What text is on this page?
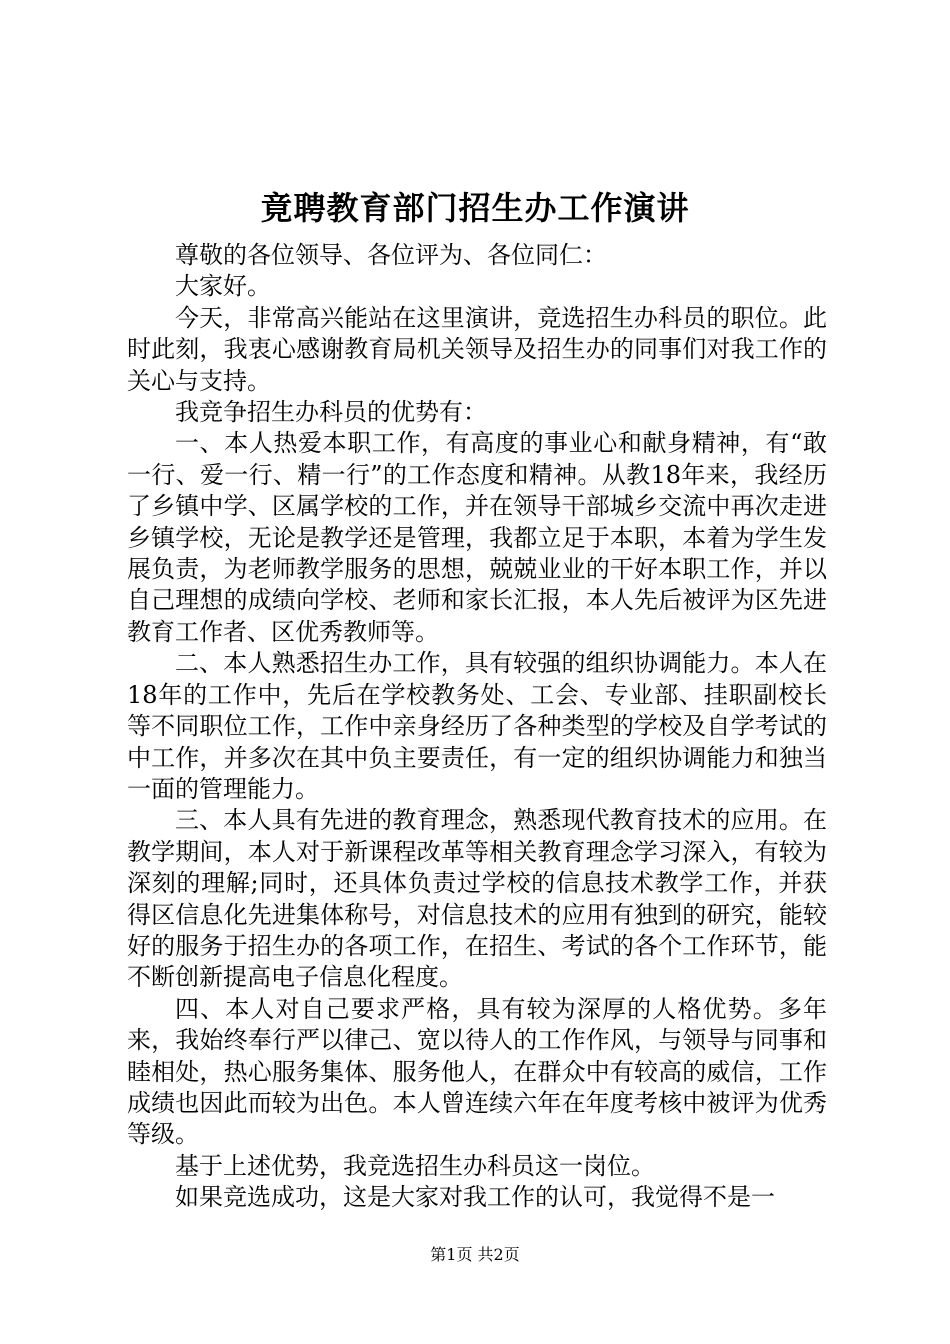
竟聘教育部门招生办工作演讲

尊敬的各位领导、各位评为、各位同仁：

大家好。

今天，非常高兴能站在这里演讲，竞选招生办科员的职位。此时此刻，我衷心感谢教育局机关领导及招生办的同事们对我工作的关心与支持。

我竞争招生办科员的优势有：

一、本人热爱本职工作，有高度的事业心和献身精神，有“敢一行、爱一行、精一行”的工作态度和精神。从教18年来，我经历了乡镇中学、区属学校的工作，并在领导干部城乡交流中再次走进乡镇学校，无论是教学还是管理，我都立足于本职，本着为学生发展负责，为老师教学服务的思想，兢兢业业的干好本职工作，并以自己理想的成绩向学校、老师和家长汇报，本人先后被评为区先进教育工作者、区优秀教师等。

二、本人熟悉招生办工作，具有较强的组织协调能力。本人在18年的工作中，先后在学校教务处、工会、专业部、挂职副校长等不同职位工作，工作中亲身经历了各种类型的学校及自学考试的中工作，并多次在其中负主要责任，有一定的组织协调能力和独当一面的管理能力。

三、本人具有先进的教育理念，熟悉现代教育技术的应用。在教学期间，本人对于新课程改革等相关教育理念学习深入，有较为深刻的理解;同时，还具体负责过学校的信息技术教学工作，并获得区信息化先进集体称号，对信息技术的应用有独到的研究，能较好的服务于招生办的各项工作，在招生、考试的各个工作环节，能不断创新提高电子信息化程度。

四、本人对自己要求严格，具有较为深厚的人格优势。多年来，我始终奉行严以律己、宽以待人的工作作风，与领导与同事和睦相处，热心服务集体、服务他人，在群众中有较高的威信，工作成绩也因此而较为出色。本人曾连续六年在年度考核中被评为优秀等级。

基于上述优势，我竞选招生办科员这一岗位。

如果竞选成功，这是大家对我工作的认可，我觉得不是一

第1页 共2页
